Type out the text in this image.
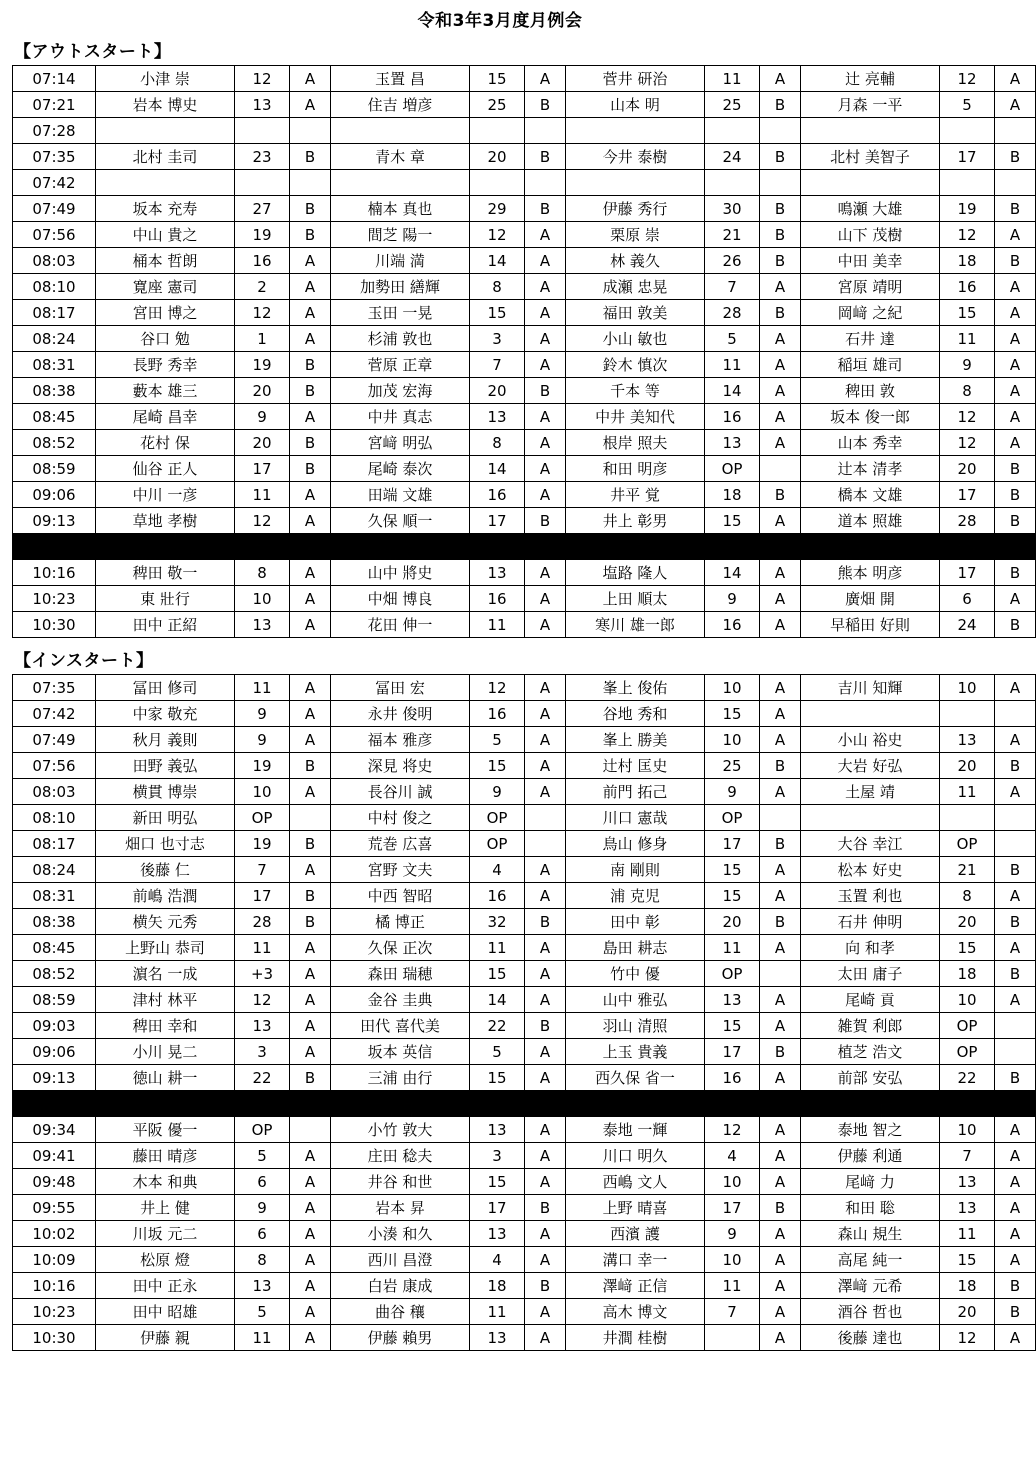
令和3年3月度月例会
【アウトスタート】
07:14	小津 崇	12	A	玉置 昌	15	A	菅井 研治	11	A	辻 亮輔	12	A
07:21	岩本 博史	13	A	住吉 増彦	25	B	山本 明	25	B	月森 一平	5	A
07:28												
07:35	北村 圭司	23	B	青木 章	20	B	今井 泰樹	24	B	北村 美智子	17	B
07:42												
07:49	坂本 充寿	27	B	楠本 真也	29	B	伊藤 秀行	30	B	鳴瀬 大雄	19	B
07:56	中山 貴之	19	B	間芝 陽一	12	A	栗原 崇	21	B	山下 茂樹	12	A
08:03	桶本 哲朗	16	A	川端 満	14	A	林 義久	26	B	中田 美幸	18	B
08:10	寛座 憲司	2	A	加勢田 繕輝	8	A	成瀬 忠晃	7	A	宮原 靖明	16	A
08:17	宮田 博之	12	A	玉田 一晃	15	A	福田 敦美	28	B	岡﨑 之紀	15	A
08:24	谷口 勉	1	A	杉浦 敦也	3	A	小山 敏也	5	A	石井 達	11	A
08:31	長野 秀幸	19	B	菅原 正章	7	A	鈴木 慎次	11	A	稲垣 雄司	9	A
08:38	藪本 雄三	20	B	加茂 宏海	20	B	千本 等	14	A	稗田 敦	8	A
08:45	尾崎 昌幸	9	A	中井 真志	13	A	中井 美知代	16	A	坂本 俊一郎	12	A
08:52	花村 保	20	B	宮﨑 明弘	8	A	根岸 照夫	13	A	山本 秀幸	12	A
08:59	仙谷 正人	17	B	尾崎 泰次	14	A	和田 明彦	OP		辻本 清孝	20	B
09:06	中川 一彦	11	A	田端 文雄	16	A	井平 覚	18	B	橋本 文雄	17	B
09:13	草地 孝樹	12	A	久保 順一	17	B	井上 彰男	15	A	道本 照雄	28	B

10:16	稗田 敬一	8	A	山中 將史	13	A	塩路 隆人	14	A	熊本 明彦	17	B
10:23	東 壯行	10	A	中畑 博良	16	A	上田 順太	9	A	廣畑 開	6	A
10:30	田中 正紹	13	A	花田 伸一	11	A	寒川 雄一郎	16	A	早稲田 好則	24	B
【インスタート】
07:35	冨田 修司	11	A	冨田 宏	12	A	峯上 俊佑	10	A	吉川 知輝	10	A
07:42	中家 敬充	9	A	永井 俊明	16	A	谷地 秀和	15	A			
07:49	秋月 義則	9	A	福本 雅彦	5	A	峯上 勝美	10	A	小山 裕史	13	A
07:56	田野 義弘	19	B	深見 将史	15	A	辻村 匡史	25	B	大岩 好弘	20	B
08:03	横貫 博崇	10	A	長谷川 誠	9	A	前門 拓己	9	A	土屋 靖	11	A
08:10	新田 明弘	OP		中村 俊之	OP		川口 憲哉	OP				
08:17	畑口 也寸志	19	B	荒巻 広喜	OP		鳥山 修身	17	B	大谷 幸江	OP	
08:24	後藤 仁	7	A	宮野 文夫	4	A	南 剛則	15	A	松本 好史	21	B
08:31	前嶋 浩潤	17	B	中西 智昭	16	A	浦 克児	15	A	玉置 利也	8	A
08:38	横矢 元秀	28	B	橘 博正	32	B	田中 彰	20	B	石井 伸明	20	B
08:45	上野山 恭司	11	A	久保 正次	11	A	島田 耕志	11	A	向 和孝	15	A
08:52	濵名 一成	+3	A	森田 瑞穂	15	A	竹中 優	OP		太田 庸子	18	B
08:59	津村 林平	12	A	金谷 圭典	14	A	山中 雅弘	13	A	尾崎 貢	10	A
09:03	稗田 幸和	13	A	田代 喜代美	22	B	羽山 清照	15	A	雑賀 利郎	OP	
09:06	小川 晃二	3	A	坂本 英信	5	A	上玉 貴義	17	B	植芝 浩文	OP	
09:13	徳山 耕一	22	B	三浦 由行	15	A	西久保 省一	16	A	前部 安弘	22	B

09:34	平阪 優一	OP		小竹 敦大	13	A	泰地 一輝	12	A	泰地 智之	10	A
09:41	藤田 晴彦	5	A	庄田 稔夫	3	A	川口 明久	4	A	伊藤 利通	7	A
09:48	木本 和典	6	A	井谷 和世	15	A	西嶋 文人	10	A	尾﨑 力	13	A
09:55	井上 健	9	A	岩本 昇	17	B	上野 晴喜	17	B	和田 聡	13	A
10:02	川坂 元二	6	A	小湊 和久	13	A	西濱 護	9	A	森山 規生	11	A
10:09	松原 燈	8	A	西川 昌澄	4	A	溝口 幸一	10	A	高尾 純一	15	A
10:16	田中 正永	13	A	白岩 康成	18	B	澤﨑 正信	11	A	澤﨑 元希	18	B
10:23	田中 昭雄	5	A	曲谷 穰	11	A	高木 博文	7	A	酒谷 哲也	20	B
10:30	伊藤 親	11	A	伊藤 賴男	13	A	井澗 桂樹		A	後藤 達也	12	A
